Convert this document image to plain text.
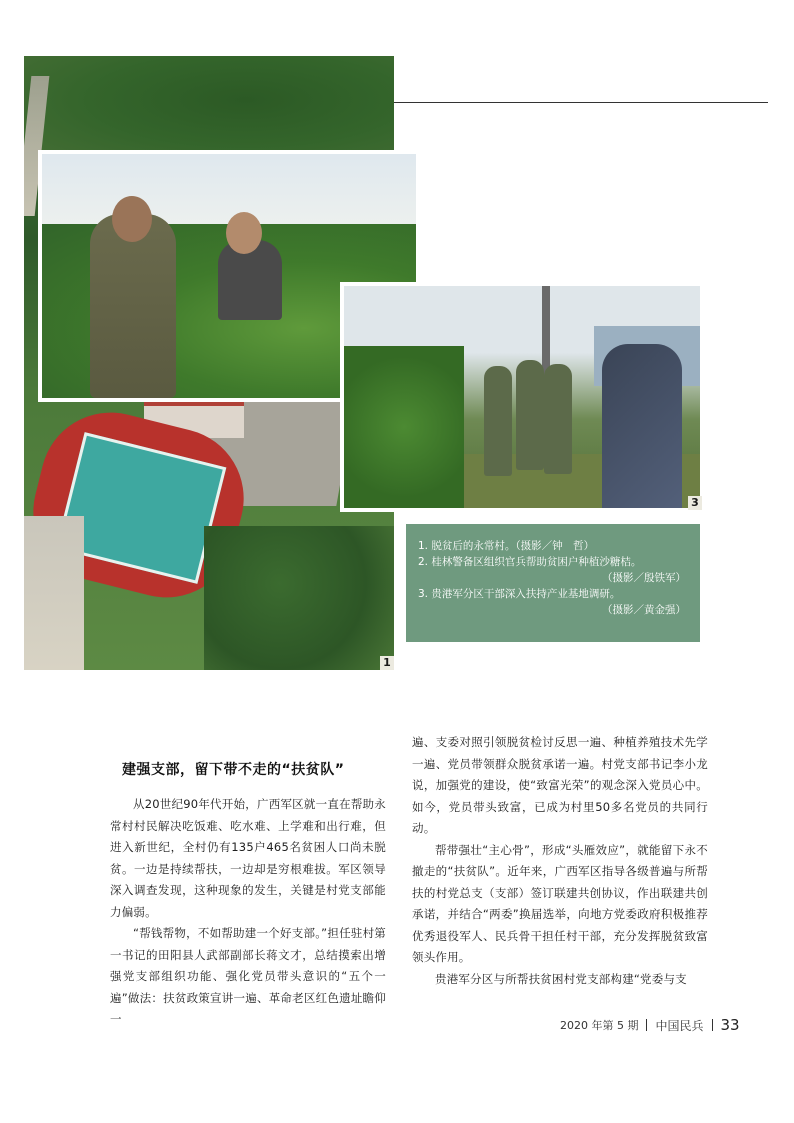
1
3

1. 脱贫后的永常村。（摄影／钟　哲）

2. 桂林警备区组织官兵帮助贫困户种植沙糖桔。

（摄影／殷铁军）

3. 贵港军分区干部深入扶持产业基地调研。

（摄影／黄金强）

建强支部，留下带不走的“扶贫队”

从20世纪90年代开始，广西军区就一直在帮助永常村村民解决吃饭难、吃水难、上学难和出行难，但进入新世纪，全村仍有135户465名贫困人口尚未脱贫。一边是持续帮扶，一边却是穷根难拔。军区领导深入调查发现，这种现象的发生，关键是村党支部能力偏弱。

“帮钱帮物，不如帮助建一个好支部。”担任驻村第一书记的田阳县人武部副部长蒋文才，总结摸索出增强党支部组织功能、强化党员带头意识的“五个一遍”做法：扶贫政策宣讲一遍、革命老区红色遗址瞻仰一

遍、支委对照引领脱贫检讨反思一遍、种植养殖技术先学一遍、党员带领群众脱贫承诺一遍。村党支部书记李小龙说，加强党的建设，使“致富光荣”的观念深入党员心中。如今，党员带头致富，已成为村里50多名党员的共同行动。

帮带强壮“主心骨”，形成“头雁效应”，就能留下永不撤走的“扶贫队”。近年来，广西军区指导各级普遍与所帮扶的村党总支（支部）签订联建共创协议，作出联建共创承诺，并结合“两委”换届选举，向地方党委政府积极推荐优秀退役军人、民兵骨干担任村干部，充分发挥脱贫致富领头作用。

贵港军分区与所帮扶贫困村党支部构建“党委与支

2020 年第 5 期 中国民兵 33
